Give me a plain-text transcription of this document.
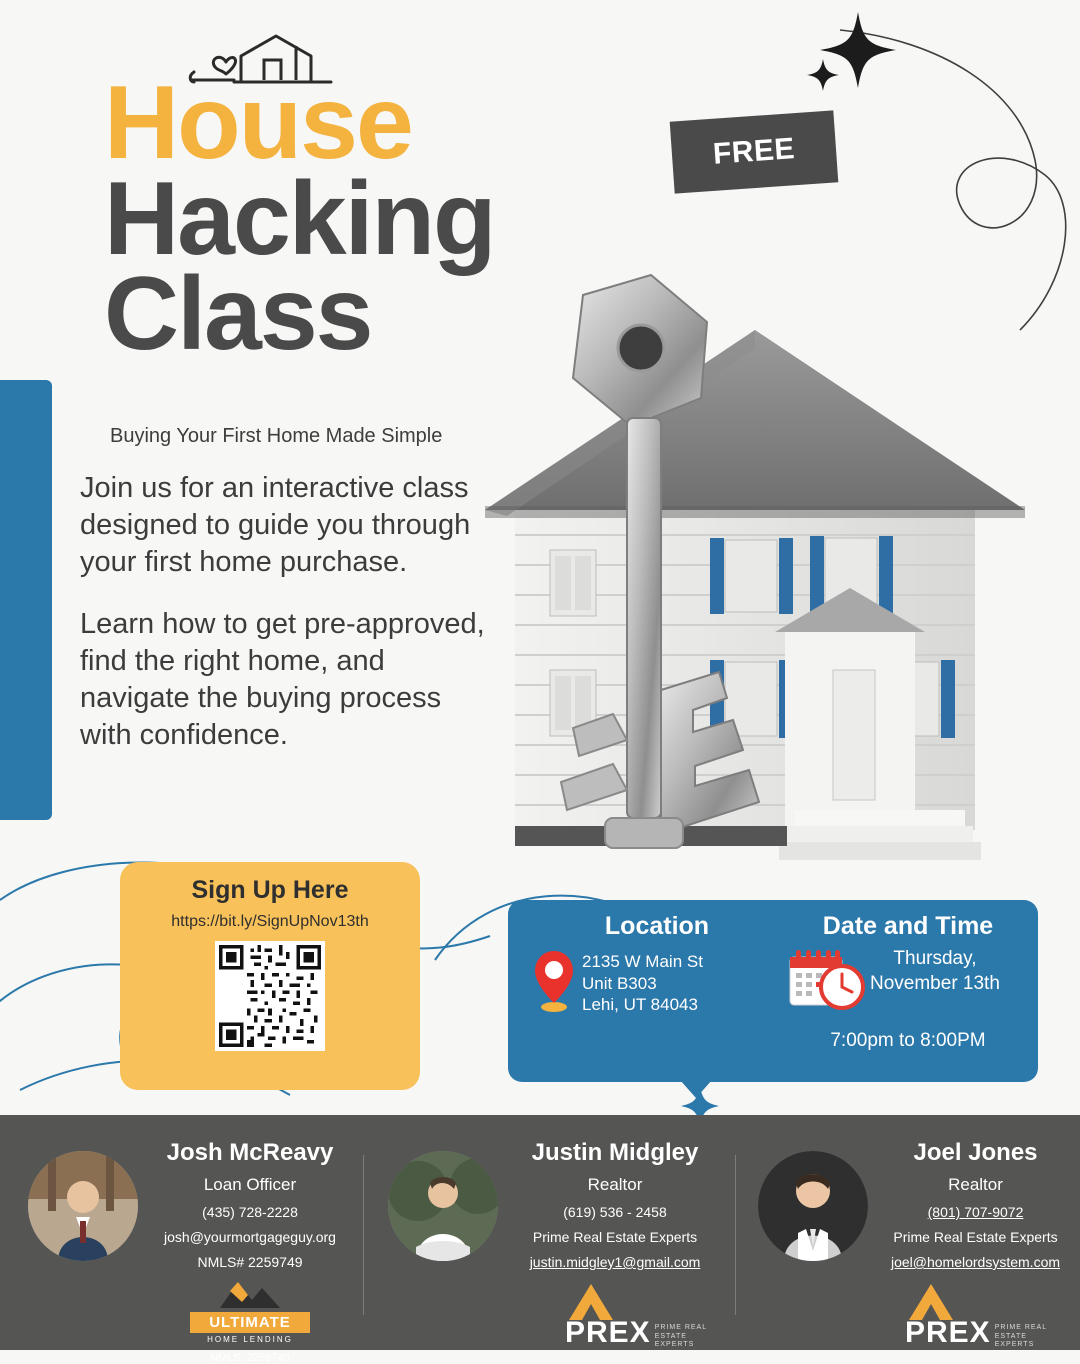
House
Hacking
Class
Buying Your First Home Made Simple

Join us for an interactive class designed to guide you through your first home purchase.

Learn how to get pre-approved, find the right home, and navigate the buying process with confidence.

FREE
Sign Up Here
https://bit.ly/SignUpNov13th	Location
2135 W Main St
Unit B303
Lehi, UT 84043
Date and Time
Thursday,
November 13th
7:00pm to 8:00PM
Josh McReavy
Loan Officer
(435) 728-2228
josh@yourmortgageguy.org
NMLS# 2259749
ULTIMATE
HOME LENDING
NMLS: 2259749
Justin Midgley
Realtor
(619) 536 - 2458
Prime Real Estate Experts
justin.midgley1@gmail.com
PREX PRIME REAL ESTATE EXPERTS
Joel Jones
Realtor
(801) 707-9072
Prime Real Estate Experts
joel@homelordsystem.com
PREX PRIME REAL ESTATE EXPERTS
